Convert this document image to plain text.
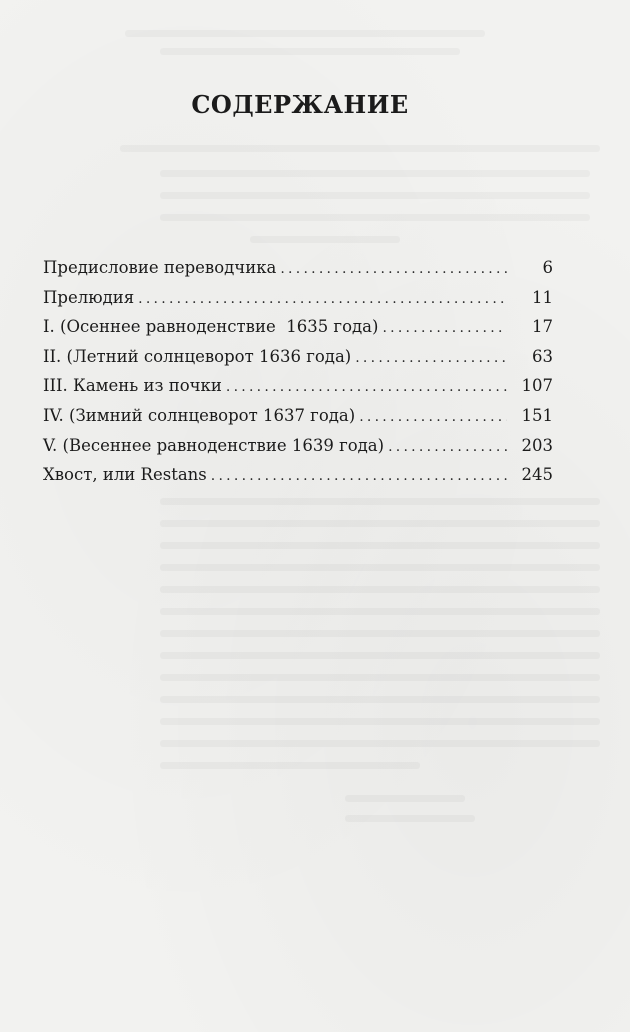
СОДЕРЖАНИЕ
Предисловие переводчика . . .	6
Прелюдия . . .	11
I. (Осеннее равноденствие  1635 года) . . .	17
II. (Летний солнцеворот 1636 года) . . .	63
III. Камень из почки . . .	107
IV. (Зимний солнцеворот 1637 года) . . .	151
V. (Весеннее равноденствие 1639 года) . . .	203
Хвост, или Restans . . .	245
